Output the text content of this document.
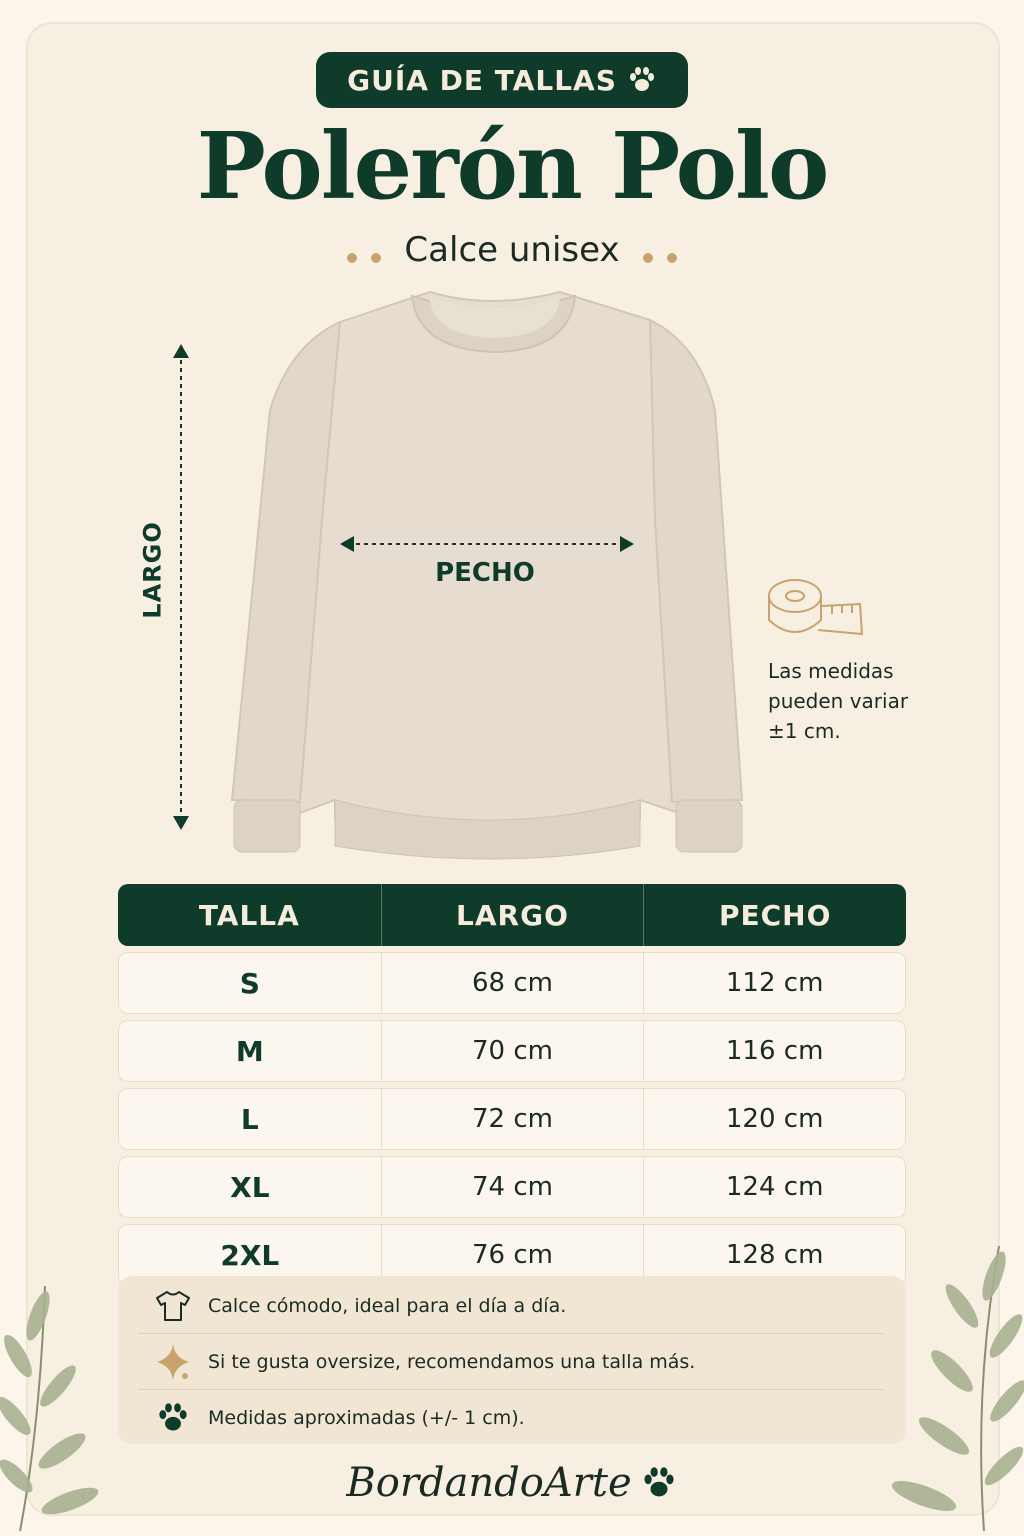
GUÍA DE TALLAS
Polerón Polo
Calce unisex
LARGO	PECHO
Las medidas pueden variar ±1 cm.
TALLA	LARGO	PECHO
S	68 cm	112 cm
M	70 cm	116 cm
L	72 cm	120 cm
XL	74 cm	124 cm
2XL	76 cm	128 cm
Calce cómodo, ideal para el día a día.
Si te gusta oversize, recomendamos una talla más.
Medidas aproximadas (+/- 1 cm).
BordandoArte
